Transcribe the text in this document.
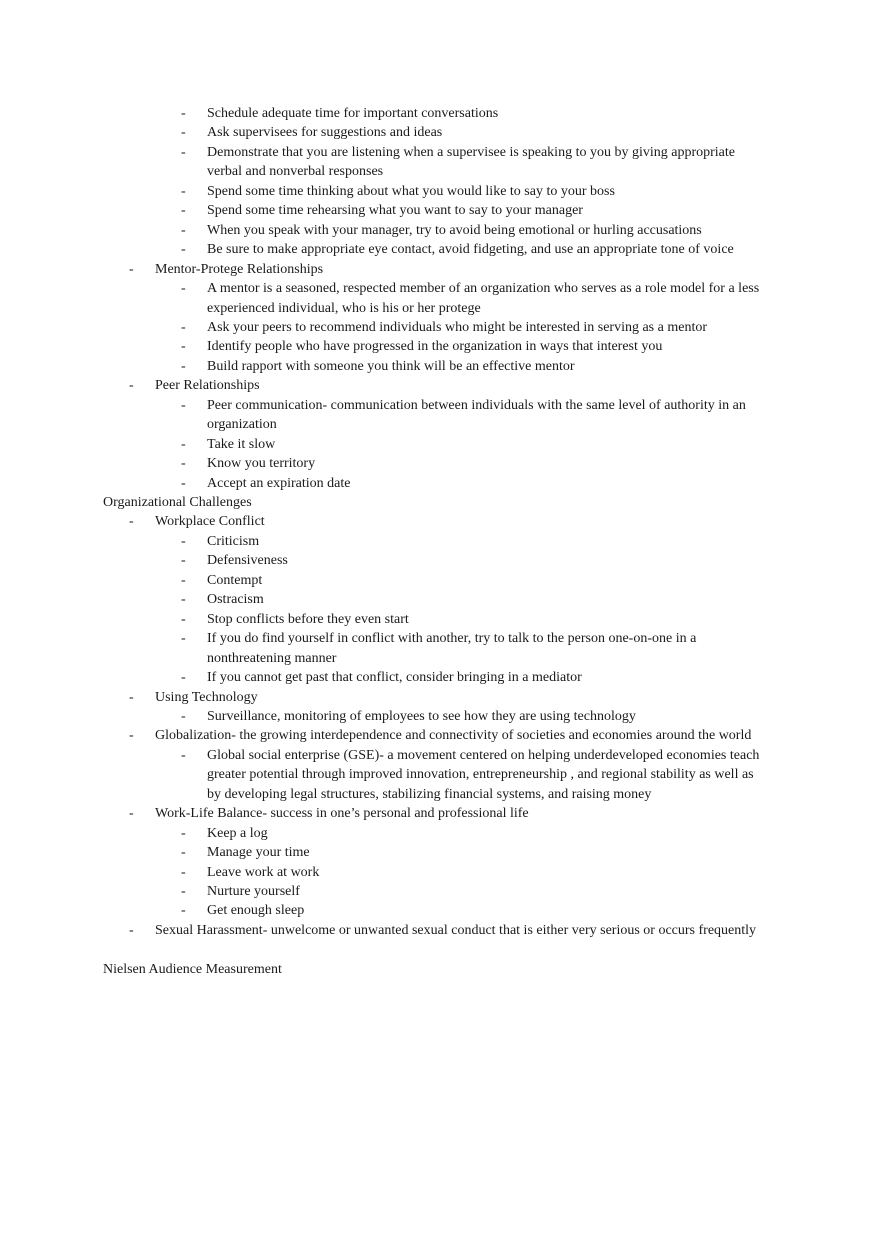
- Schedule adequate time for important conversations
- Ask supervisees for suggestions and ideas
- Demonstrate that you are listening when a supervisee is speaking to you by giving appropriate
verbal and nonverbal responses
- Spend some time thinking about what you would like to say to your boss
- Spend some time rehearsing what you want to say to your manager
- When you speak with your manager, try to avoid being emotional or hurling accusations
- Be sure to make appropriate eye contact, avoid fidgeting, and use an appropriate tone of voice
- Mentor-Protege Relationships
- A mentor is a seasoned, respected member of an organization who serves as a role model for a less
experienced individual, who is his or her protege
- Ask your peers to recommend individuals who might be interested in serving as a mentor
- Identify people who have progressed in the organization in ways that interest you
- Build rapport with someone you think will be an effective mentor
- Peer Relationships
- Peer communication- communication between individuals with the same level of authority in an
organization
- Take it slow
- Know you territory
- Accept an expiration date
Organizational Challenges
- Workplace Conflict
- Criticism
- Defensiveness
- Contempt
- Ostracism
- Stop conflicts before they even start
- If you do find yourself in conflict with another, try to talk to the person one-on-one in a
nonthreatening manner
- If you cannot get past that conflict, consider bringing in a mediator
- Using Technology
- Surveillance, monitoring of employees to see how they are using technology
- Globalization- the growing interdependence and connectivity of societies and economies around the world
- Global social enterprise (GSE)- a movement centered on helping underdeveloped economies teach
greater potential through improved innovation, entrepreneurship , and regional stability as well as
by developing legal structures, stabilizing financial systems, and raising money
- Work-Life Balance- success in one’s personal and professional life
- Keep a log
- Manage your time
- Leave work at work
- Nurture yourself
- Get enough sleep
- Sexual Harassment- unwelcome or unwanted sexual conduct that is either very serious or occurs frequently
Nielsen Audience Measurement
